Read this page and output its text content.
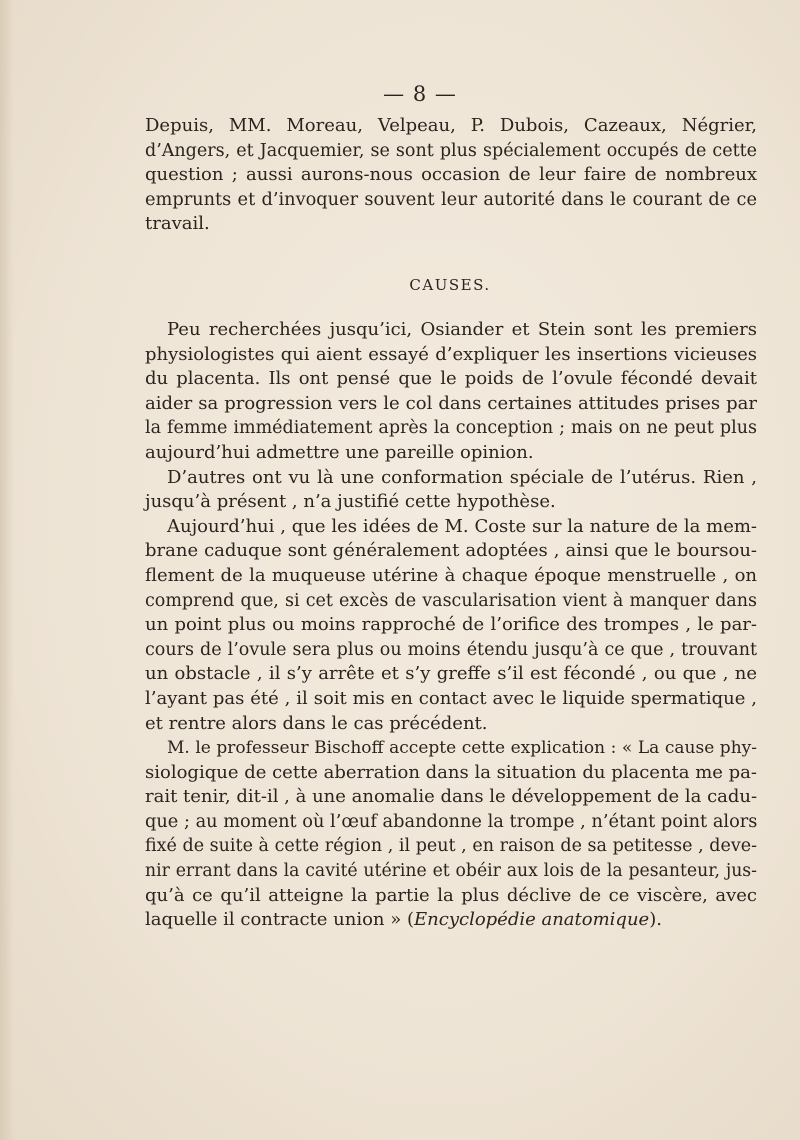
— 8 —
Depuis, MM. Moreau, Velpeau, P. Dubois, Cazeaux, Négrier,
d’Angers, et Jacquemier, se sont plus spécialement occupés de cette
question ; aussi aurons-nous occasion de leur faire de nombreux
emprunts et d’invoquer souvent leur autorité dans le courant de ce
travail.
CAUSES.
Peu recherchées jusqu’ici, Osiander et Stein sont les premiers
physiologistes qui aient essayé d’expliquer les insertions vicieuses
du placenta. Ils ont pensé que le poids de l’ovule fécondé devait
aider sa progression vers le col dans certaines attitudes prises par
la femme immédiatement après la conception ; mais on ne peut plus
aujourd’hui admettre une pareille opinion.
D’autres ont vu là une conformation spéciale de l’utérus. Rien ,
jusqu’à présent , n’a justifié cette hypothèse.
Aujourd’hui , que les idées de M. Coste sur la nature de la mem-
brane caduque sont généralement adoptées , ainsi que le boursou-
flement de la muqueuse utérine à chaque époque menstruelle , on
comprend que, si cet excès de vascularisation vient à manquer dans
un point plus ou moins rapproché de l’orifice des trompes , le par-
cours de l’ovule sera plus ou moins étendu jusqu’à ce que , trouvant
un obstacle , il s’y arrête et s’y greffe s’il est fécondé , ou que , ne
l’ayant pas été , il soit mis en contact avec le liquide spermatique ,
et rentre alors dans le cas précédent.
M. le professeur Bischoff accepte cette explication : « La cause phy-
siologique de cette aberration dans la situation du placenta me pa-
rait tenir, dit-il , à une anomalie dans le développement de la cadu-
que ; au moment où l’œuf abandonne la trompe , n’étant point alors
fixé de suite à cette région , il peut , en raison de sa petitesse , deve-
nir errant dans la cavité utérine et obéir aux lois de la pesanteur, jus-
qu’à ce qu’il atteigne la partie la plus déclive de ce viscère, avec
laquelle il contracte union » (Encyclopédie anatomique).
